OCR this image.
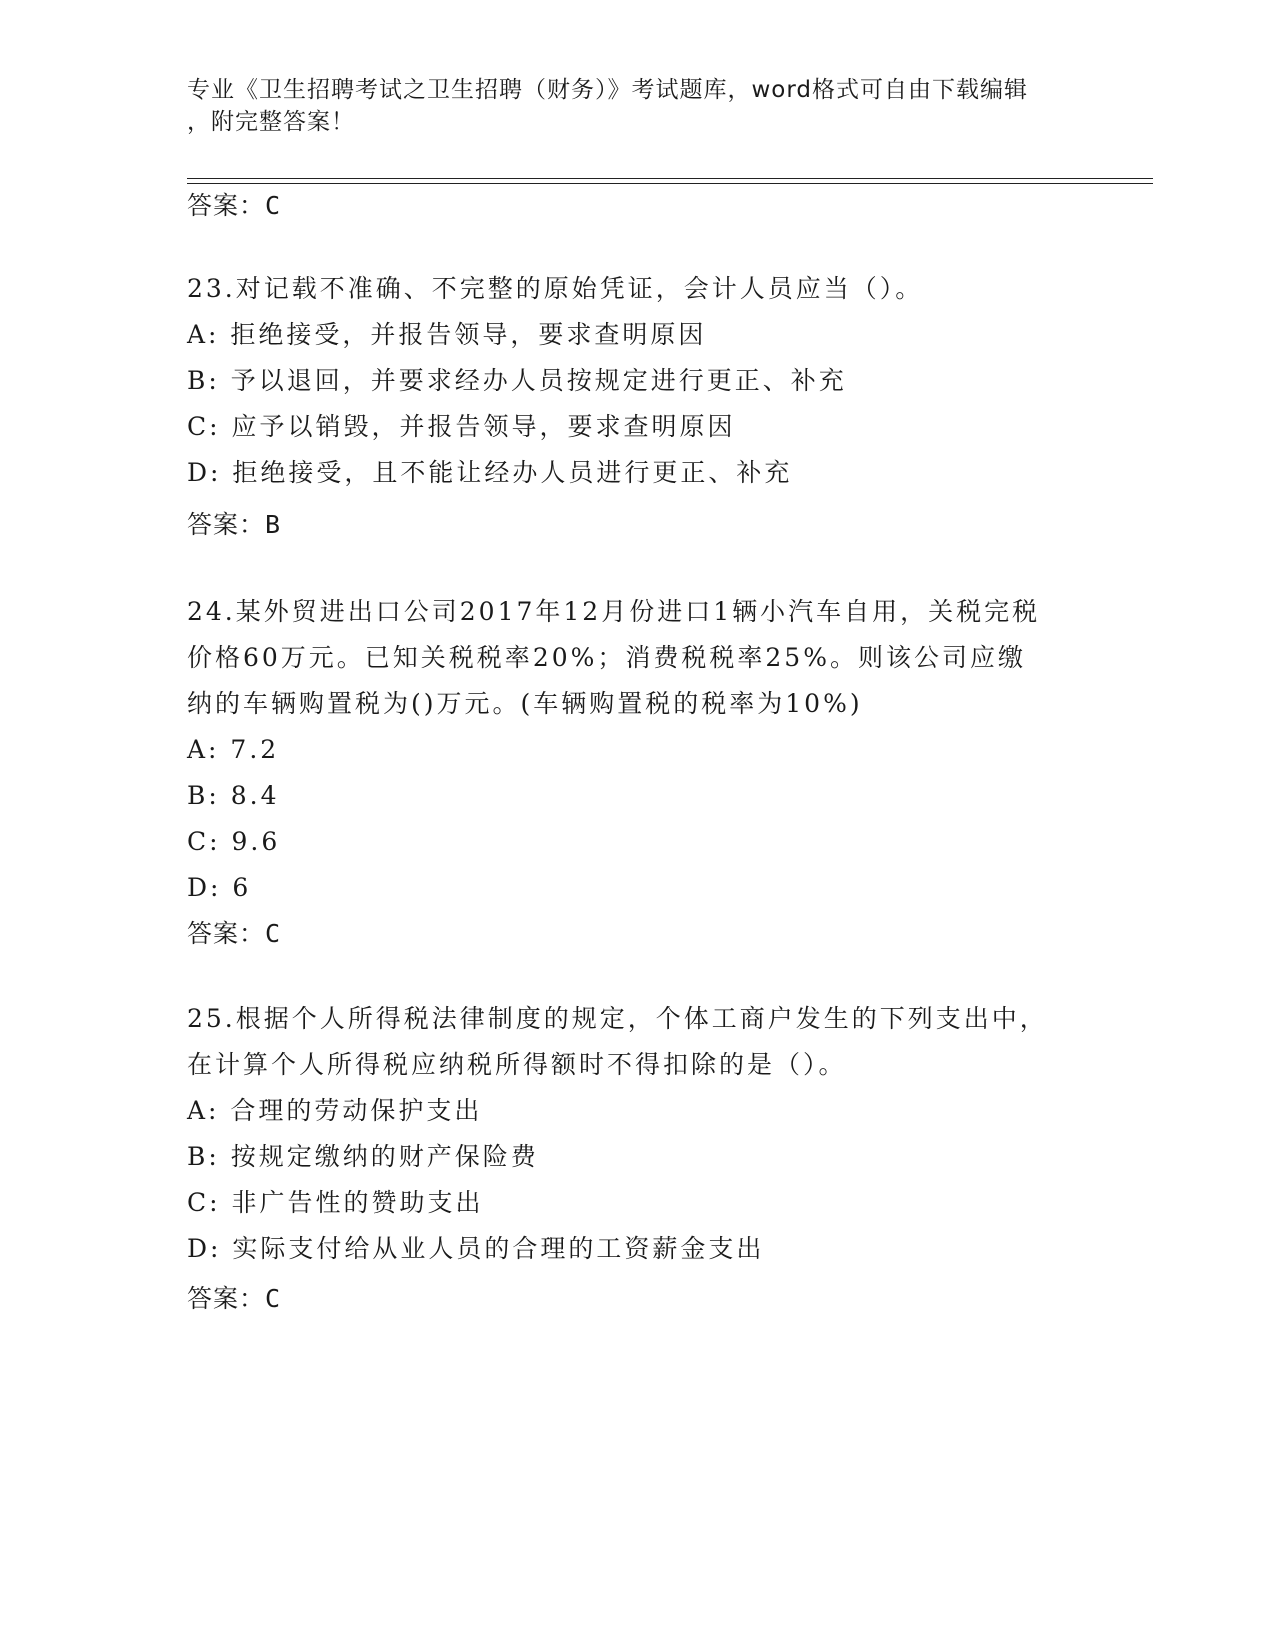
专业《卫生招聘考试之卫生招聘（财务）》考试题库，word格式可自由下载编辑
，附完整答案！
答案：C
23.对记载不准确、不完整的原始凭证，会计人员应当（）。
A: 拒绝接受，并报告领导，要求查明原因
B: 予以退回，并要求经办人员按规定进行更正、补充
C: 应予以销毁，并报告领导，要求查明原因
D: 拒绝接受，且不能让经办人员进行更正、补充
答案：B
24.某外贸进出口公司2017年12月份进口1辆小汽车自用，关税完税
价格60万元。已知关税税率20%；消费税税率25%。则该公司应缴
纳的车辆购置税为()万元。(车辆购置税的税率为10%)
A: 7.2
B: 8.4
C: 9.6
D: 6
答案：C
25.根据个人所得税法律制度的规定，个体工商户发生的下列支出中，
在计算个人所得税应纳税所得额时不得扣除的是（）。
A: 合理的劳动保护支出
B: 按规定缴纳的财产保险费
C: 非广告性的赞助支出
D: 实际支付给从业人员的合理的工资薪金支出
答案：C
